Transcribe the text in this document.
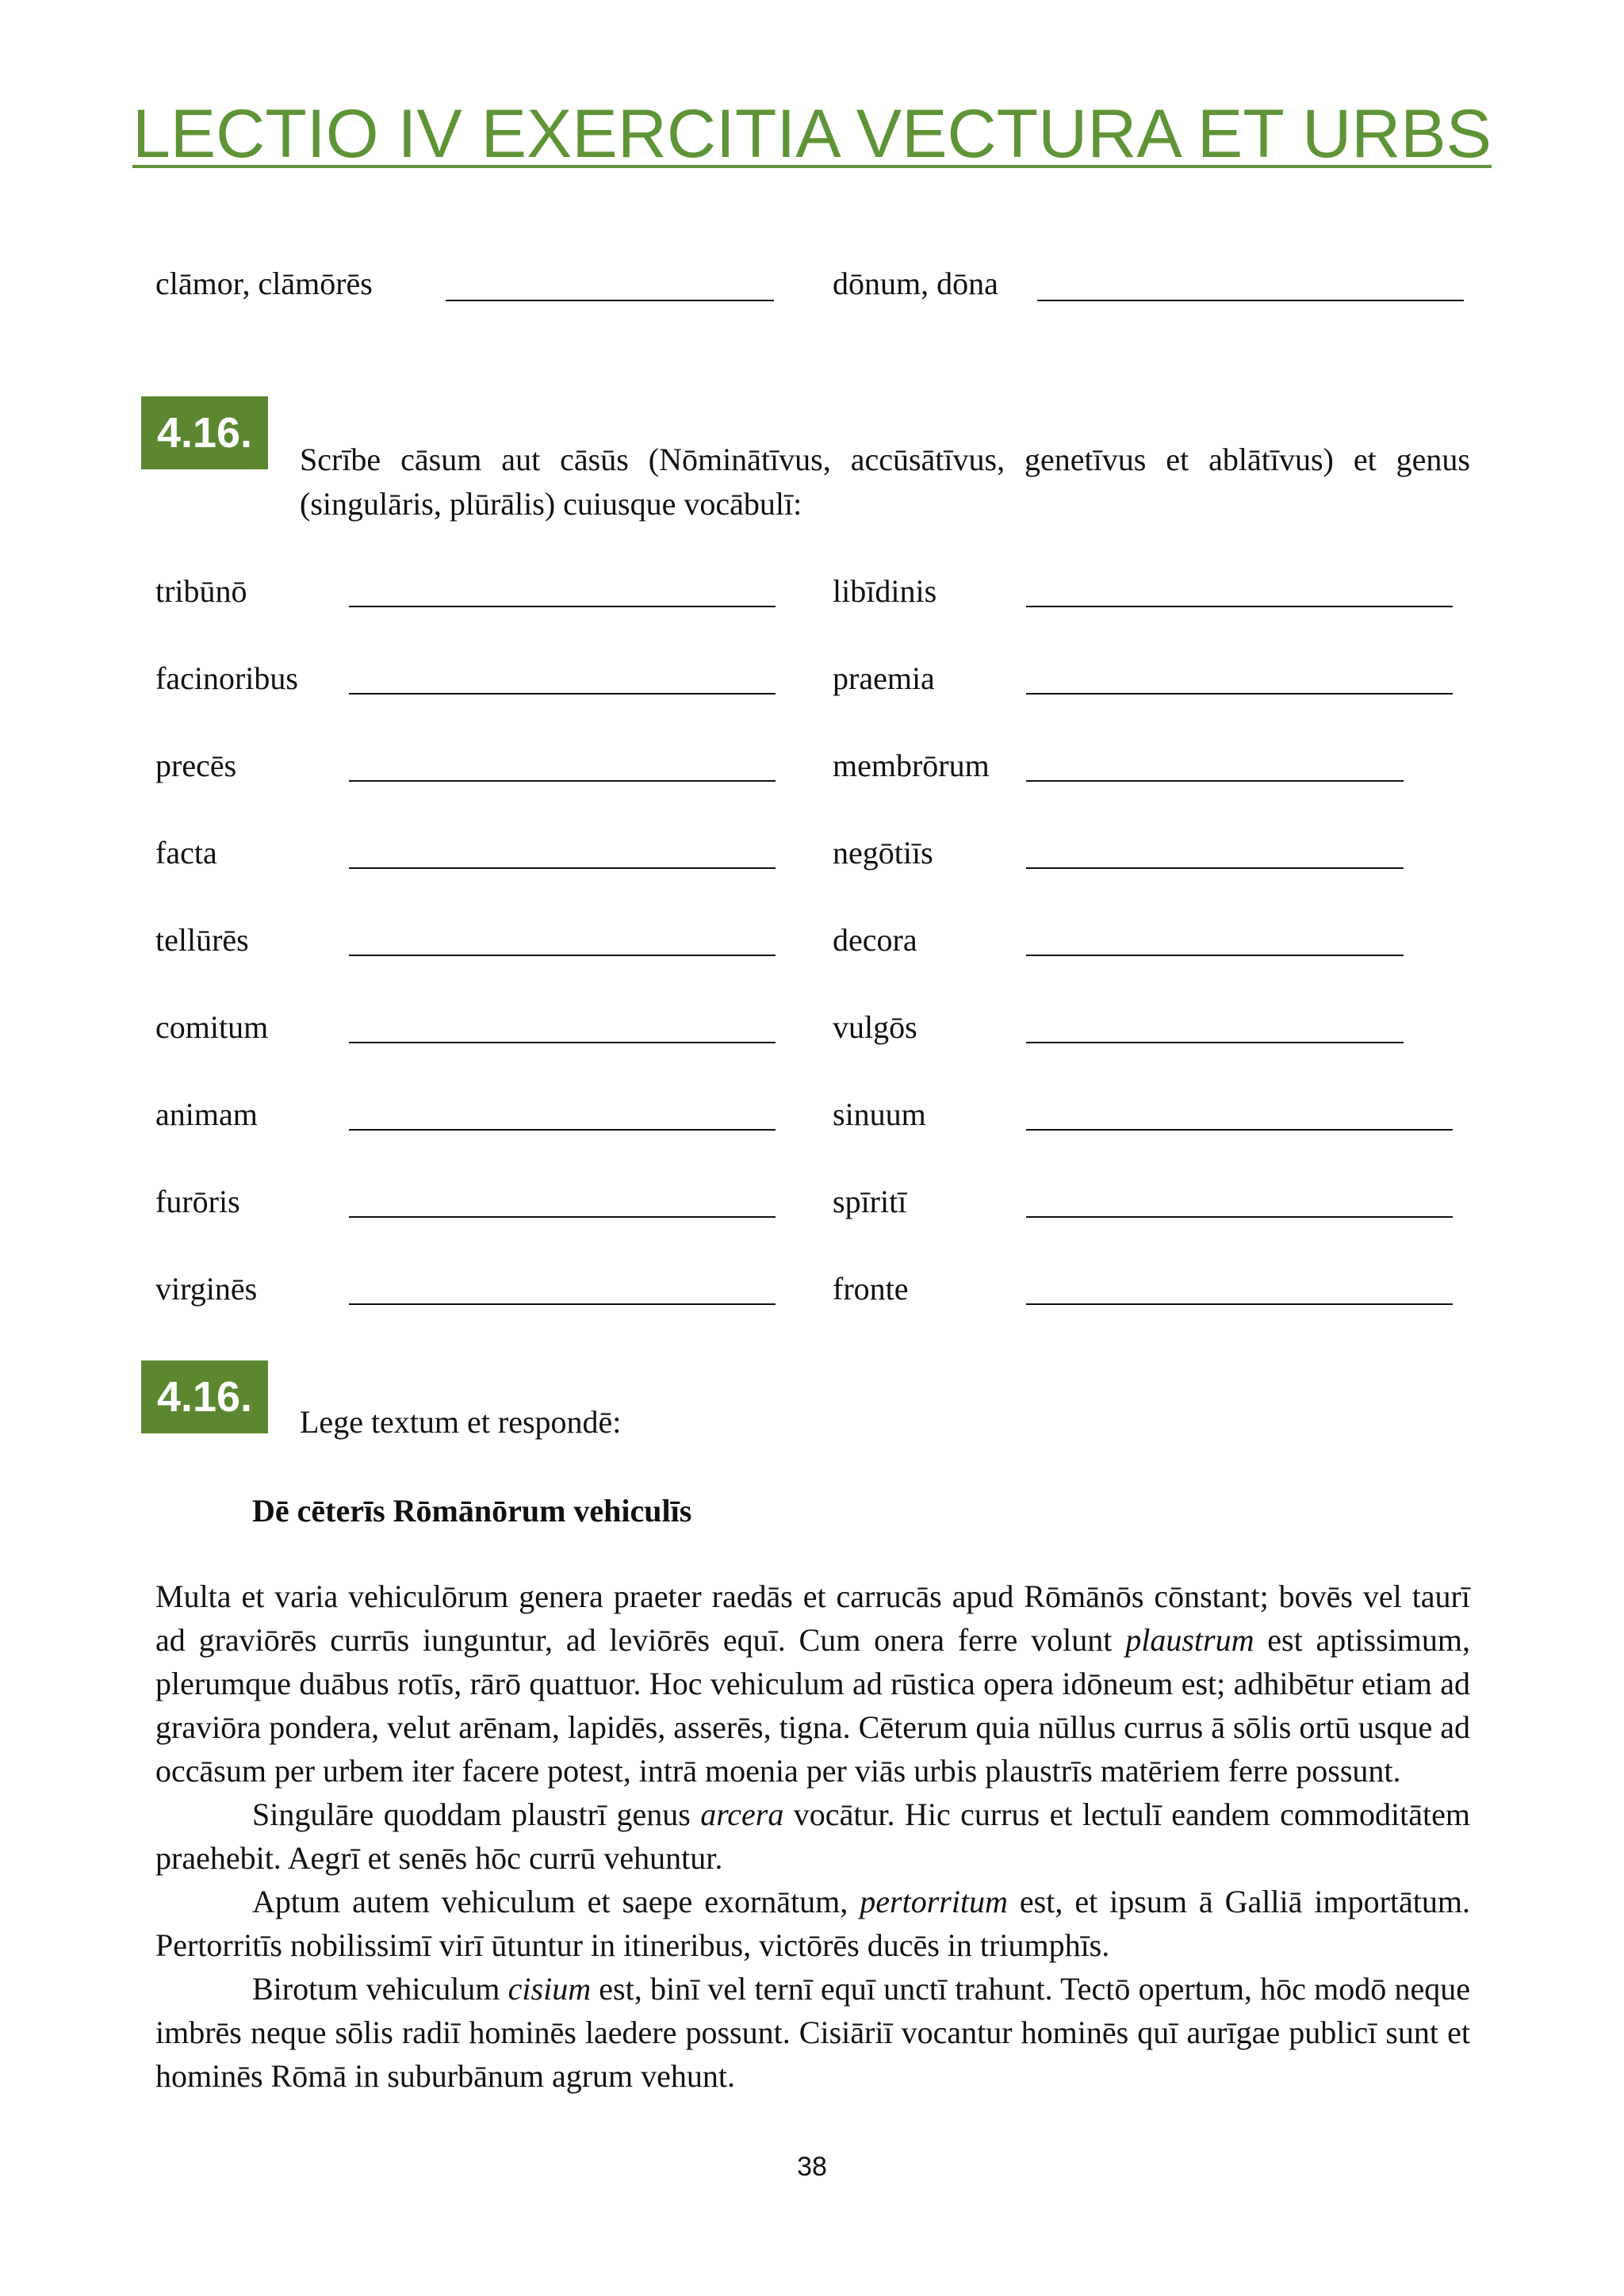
LECTIO IV EXERCITIA VECTURA ET URBS
clāmor, clāmōrēs	dōnum, dōna
4.16.
Scrībe cāsum aut cāsūs (Nōminātīvus, accūsātīvus, genetīvus et ablātīvus) et genus (singulāris, plūrālis) cuiusque vocābulī:
tribūnō
facinoribus
precēs
facta
tellūrēs
comitum
animam
furōris
virginēs
libīdinis
praemia
membrōrum
negōtiīs
decora
vulgōs
sinuum
spīritī
fronte
4.16.
Lege textum et respondē:
Dē cēterīs Rōmānōrum vehiculīs

Multa et varia vehiculōrum genera praeter raedās et carrucās apud Rōmānōs cōnstant; bovēs vel taurī ad graviōrēs currūs iunguntur, ad leviōrēs equī. Cum onera ferre volunt plaustrum est aptissimum, plerumque duābus rotīs, rārō quattuor. Hoc vehiculum ad rūstica opera idōneum est; adhibētur etiam ad graviōra pondera, velut arēnam, lapidēs, asserēs, tigna. Cēterum quia nūllus currus ā sōlis ortū usque ad occāsum per urbem iter facere potest, intrā moenia per viās urbis plaustrīs matēriem ferre possunt.

Singulāre quoddam plaustrī genus arcera vocātur. Hic currus et lectulī eandem commoditātem praehebit. Aegrī et senēs hōc currū vehuntur.

Aptum autem vehiculum et saepe exornātum, pertorritum est, et ipsum ā Galliā importātum. Pertorritīs nobilissimī virī ūtuntur in itineribus, victōrēs ducēs in triumphīs.

Birotum vehiculum cisium est, binī vel ternī equī unctī trahunt. Tectō opertum, hōc modō neque imbrēs neque sōlis radiī hominēs laedere possunt. Cisiāriī vocantur hominēs quī aurīgae publicī sunt et hominēs Rōmā in suburbānum agrum vehunt.

38
